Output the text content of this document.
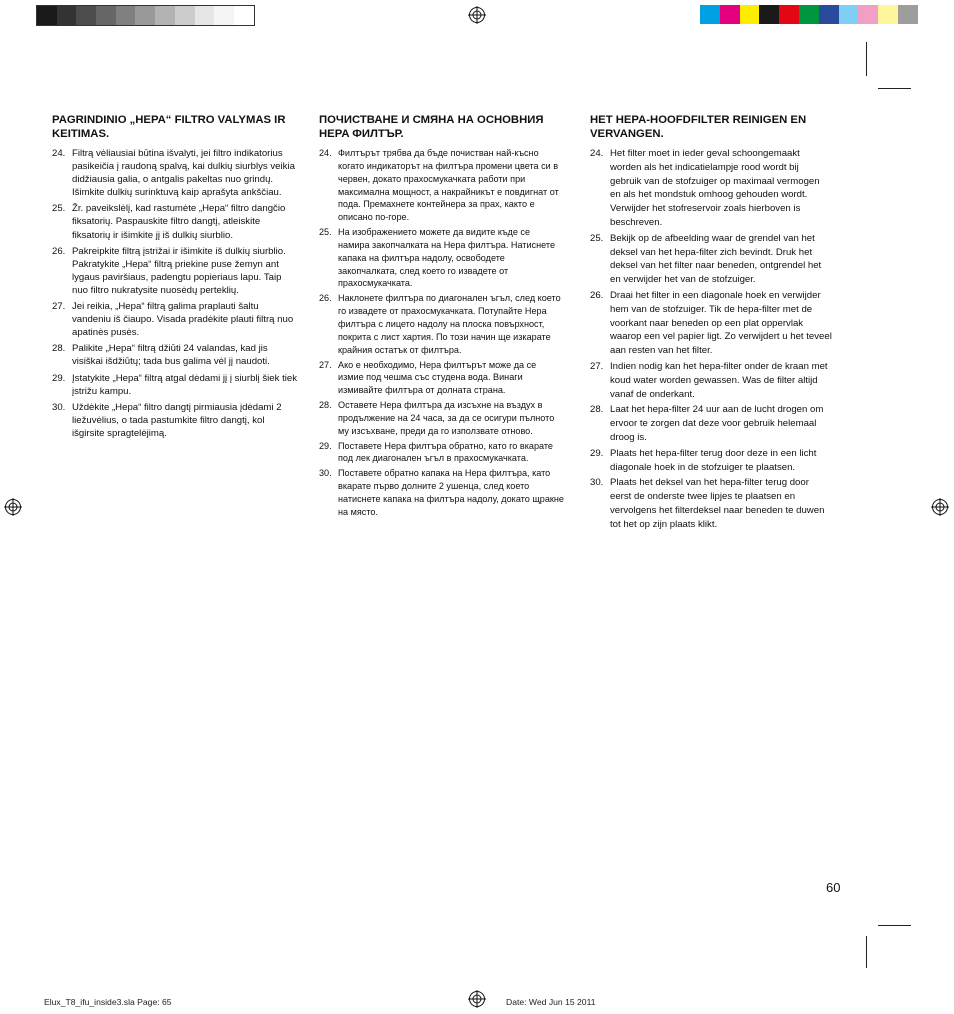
PAGRINDINIO „HEPA“ FILTRO VALYMAS IR KEITIMAS.
24. Filtrą vėliausiai būtina išvalyti, jei filtro indikatorius pasikeičia į raudoną spalvą, kai dulkių siurblys veikia didžiausia galia, o antgalis pakeltas nuo grindų. Išimkite dulkių surinktuvą kaip aprašyta ankščiau.
25. Žr. paveikslėlį, kad rastumėte „Hepa“ filtro dangčio fiksatorių. Paspauskite filtro dangtį, atleiskite fiksatorių ir išimkite jį iš dulkių siurblio.
26. Pakreipkite filtrą įstrižai ir išimkite iš dulkių siurblio. Pakratykite „Hepa“ filtrą priekine puse žemyn ant lygaus paviršiaus, padengtu popieriaus lapu. Taip nuo filtro nukratysite nuosėdų perteklių.
27. Jei reikia, „Hepa“ filtrą galima praplauti šaltu vandeniu iš čiaupo. Visada pradėkite plauti filtrą nuo apatinės pusės.
28. Palikite „Hepa“ filtrą džiūti 24 valandas, kad jis visiškai išdžiūtų; tada bus galima vėl jį naudoti.
29. Įstatykite „Hepa“ filtrą atgal dėdami jį į siurblį šiek tiek įstrižu kampu.
30. Uždėkite „Hepa“ filtro dangtį pirmiausia įdėdami 2 liežuvėlius, o tada pastumkite filtro dangtį, kol išgirsite spragtelėjimą.
ПОЧИСТВАНЕ И СМЯНА НА ОСНОВНИЯ HEPA ФИЛТЪР.
24. Филтърът трябва да бъде почистван най-късно когато индикаторът на филтъра промени цвета си в червен, докато прахосмукачката работи при максимална мощност, а накрайникът е повдигнат от пода. Премахнете контейнера за прах, както е описано по-горе.
25. На изображението можете да видите къде се намира закопчалката на Hepa филтъра. Натиснете капака на филтъра надолу, освободете закопчалката, след което го извадете от прахосмукачката.
26. Наклонете филтъра по диагонален ъгъл, след което го извадете от прахосмукачката. Потупайте Hepa филтъра с лицето надолу на плоска повърхност, покрита с лист хартия. По този начин ще изкарате крайния остатък от филтъра.
27. Ако е необходимо, Hepa филтърът може да се измие под чешма със студена вода. Винаги измивайте филтъра от долната страна.
28. Оставете Hepa филтъра да изсъхне на въздух в продължение на 24 часа, за да се осигури пълното му изсъхване, преди да го използвате отново.
29. Поставете Hepa филтъра обратно, като го вкарате под лек диагонален ъгъл в прахосмукачката.
30. Поставете обратно капака на Hepa филтъра, като вкарате първо долните 2 ушенца, след което натиснете капака на филтъра надолу, докато щракне на място.
HET HEPA-HOOFDFILTER REINIGEN EN VERVANGEN.
24. Het filter moet in ieder geval schoongemaakt worden als het indicatielampje rood wordt bij gebruik van de stofzuiger op maximaal vermogen en als het mondstuk omhoog gehouden wordt. Verwijder het stofreservoir zoals hierboven is beschreven.
25. Bekijk op de afbeelding waar de grendel van het deksel van het hepa-filter zich bevindt. Druk het deksel van het filter naar beneden, ontgrendel het en verwijder het van de stofzuiger.
26. Draai het filter in een diagonale hoek en verwijder hem van de stofzuiger. Tik de hepa-filter met de voorkant naar beneden op een plat oppervlak waarop een vel papier ligt. Zo verwijdert u het teveel aan resten van het filter.
27. Indien nodig kan het hepa-filter onder de kraan met koud water worden gewassen. Was de filter altijd vanaf de onderkant.
28. Laat het hepa-filter 24 uur aan de lucht drogen om ervoor te zorgen dat deze voor gebruik helemaal droog is.
29. Plaats het hepa-filter terug door deze in een licht diagonale hoek in de stofzuiger te plaatsen.
30. Plaats het deksel van het hepa-filter terug door eerst de onderste twee lipjes te plaatsen en vervolgens het filterdeksel naar beneden te duwen tot het op zijn plaats klikt.
60
Elux_T8_ifu_inside3.sla Page: 65	Date: Wed Jun 15 2011
